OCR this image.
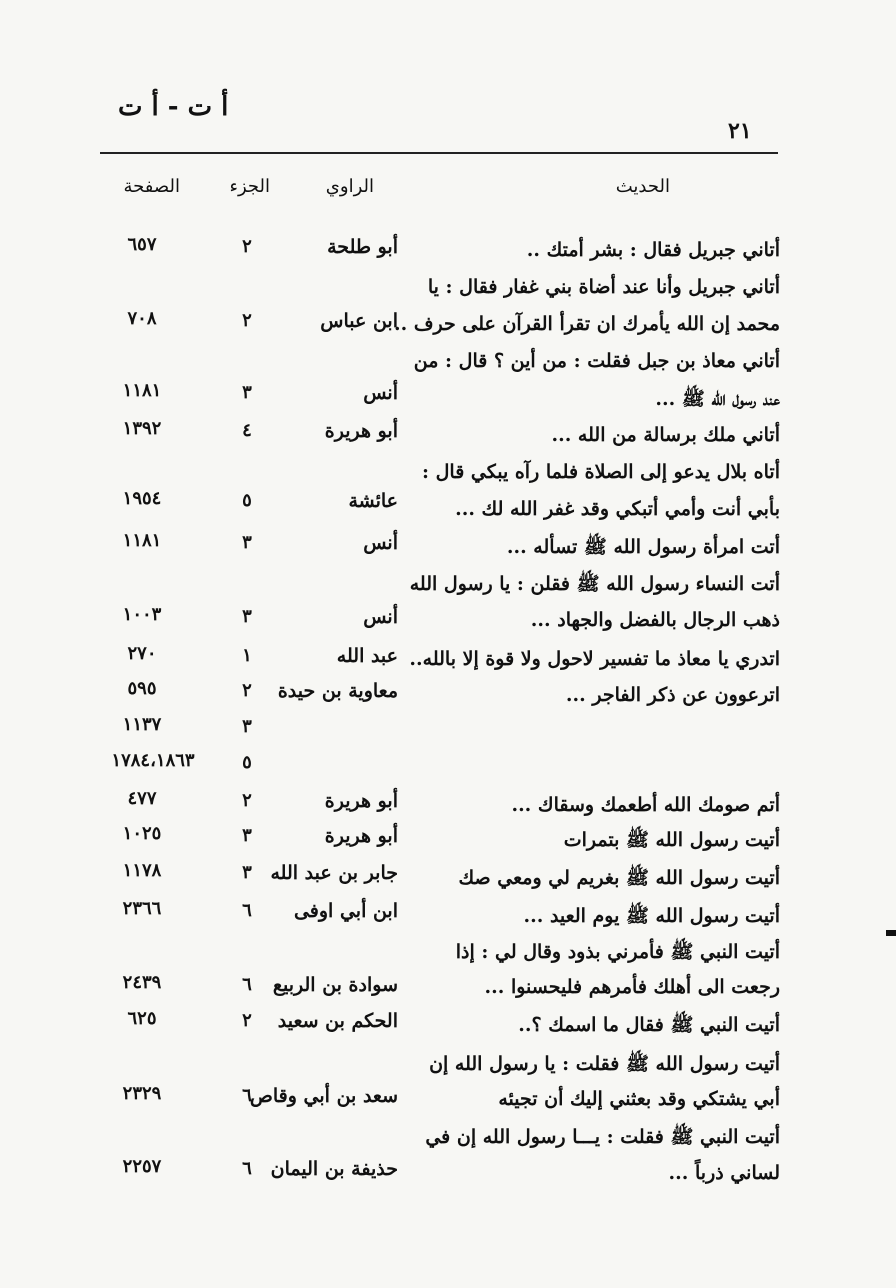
أ ت - أ ت
٢١
الحديث
الراوي
الجزء
الصفحة
أتاني جبريل فقال : بشر أمتك ..
أتاني جبريل وأنا عند أضاة بني غفار فقال : يا
محمد إن الله يأمرك ان تقرأ القرآن على حرف ..
أتاني معاذ بن جبل فقلت : من أين ؟ قال : من
عند رسول الله ﷺ ...
أتاني ملك برسالة من الله ...
أتاه بلال يدعو إلى الصلاة فلما رآه يبكي قال :
بأبي أنت وأمي أتبكي وقد غفر الله لك ...
أتت امرأة رسول الله ﷺ تسأله ...
أتت النساء رسول الله ﷺ فقلن : يا رسول الله
ذهب الرجال بالفضل والجهاد ...
اتدري يا معاذ ما تفسير لاحول ولا قوة إلا بالله..
اترعوون عن ذكر الفاجر ...
أتم صومك الله أطعمك وسقاك ...
أتيت رسول الله ﷺ بتمرات
أتيت رسول الله ﷺ بغريم لي ومعي صك
أتيت رسول الله ﷺ يوم العيد ...
أتيت النبي ﷺ فأمرني بذود وقال لي : إذا
رجعت الى أهلك فأمرهم فليحسنوا ...
أتيت النبي ﷺ فقال ما اسمك ؟..
أتيت رسول الله ﷺ فقلت : يا رسول الله إن
أبي يشتكي وقد بعثني إليك أن تجيئه
أتيت النبي ﷺ فقلت : يـــا رسول الله إن في
لساني ذرباً ...
أبو طلحة
٢
٦٥٧
ابن عباس
٢
٧٠٨
أنس
٣
١١٨١
أبو هريرة
٤
١٣٩٢
عائشة
٥
١٩٥٤
أنس
٣
١١٨١
أنس
٣
١٠٠٣
عبد الله
١
٢٧٠
معاوية بن حيدة
٢
٥٩٥
٣
١١٣٧
٥
١٧٨٤،١٨٦٣
أبو هريرة
٢
٤٧٧
أبو هريرة
٣
١٠٢٥
جابر بن عبد الله
٣
١١٧٨
ابن أبي اوفى
٦
٢٣٦٦
سوادة بن الربيع
٦
٢٤٣٩
الحكم بن سعيد
٢
٦٢٥
سعد بن أبي وقاص
٦
٢٣٢٩
حذيفة بن اليمان
٦
٢٢٥٧
